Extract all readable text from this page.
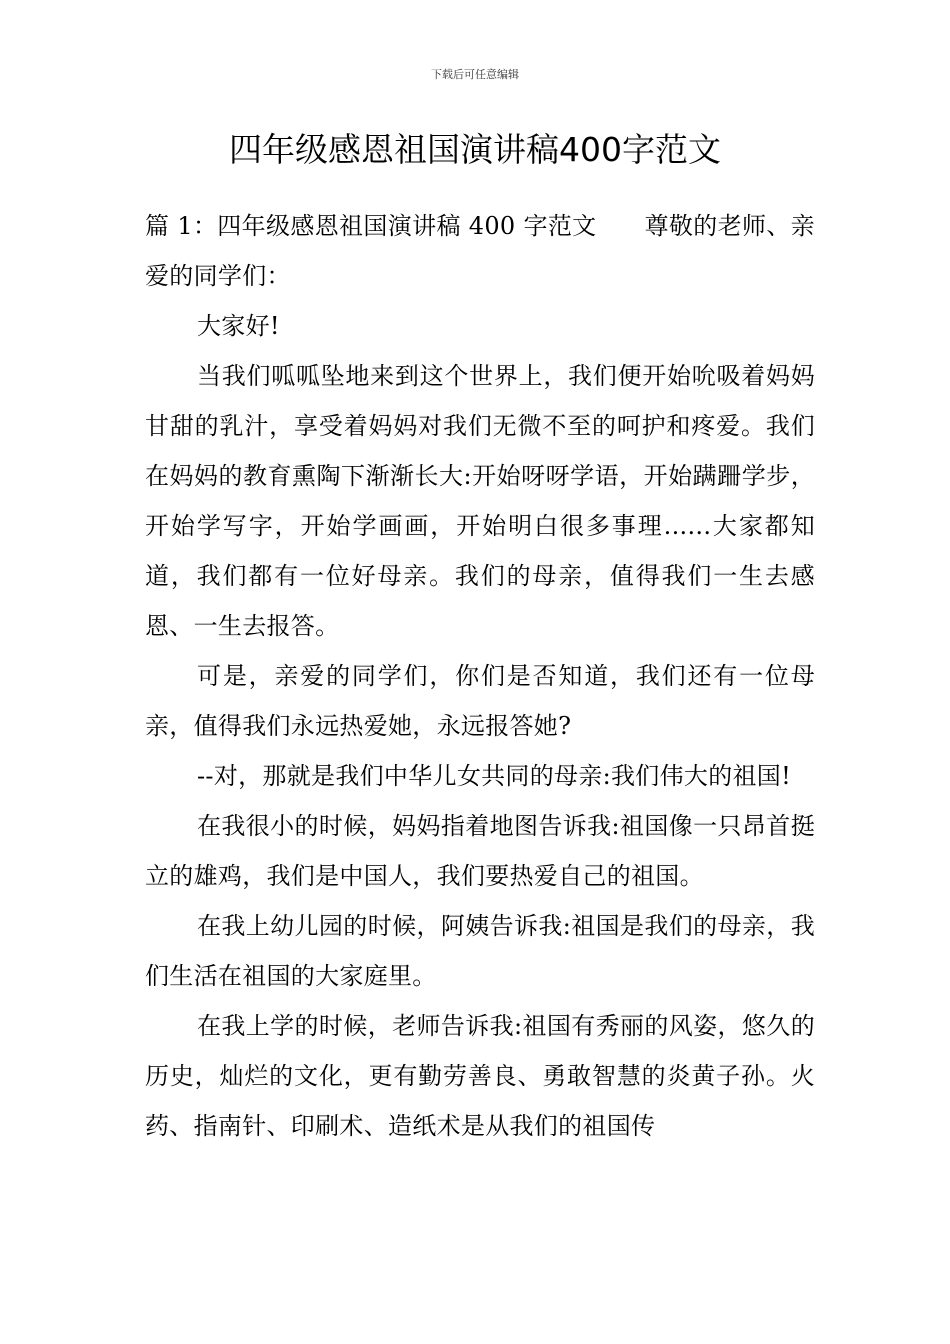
下载后可任意编辑
四年级感恩祖国演讲稿400字范文

篇 1：四年级感恩祖国演讲稿 400 字范文 尊敬的老师、亲爱的同学们：

大家好!

当我们呱呱坠地来到这个世界上，我们便开始吮吸着妈妈甘甜的乳汁，享受着妈妈对我们无微不至的呵护和疼爱。我们在妈妈的教育熏陶下渐渐长大:开始呀呀学语，开始蹒跚学步，开始学写字，开始学画画，开始明白很多事理......大家都知道，我们都有一位好母亲。我们的母亲，值得我们一生去感恩、一生去报答。

可是，亲爱的同学们，你们是否知道，我们还有一位母亲，值得我们永远热爱她，永远报答她?

--对，那就是我们中华儿女共同的母亲:我们伟大的祖国!

在我很小的时候，妈妈指着地图告诉我:祖国像一只昂首挺立的雄鸡，我们是中国人，我们要热爱自己的祖国。

在我上幼儿园的时候，阿姨告诉我:祖国是我们的母亲，我们生活在祖国的大家庭里。

在我上学的时候，老师告诉我:祖国有秀丽的风姿，悠久的历史，灿烂的文化，更有勤劳善良、勇敢智慧的炎黄子孙。火药、指南针、印刷术、造纸术是从我们的祖国传
